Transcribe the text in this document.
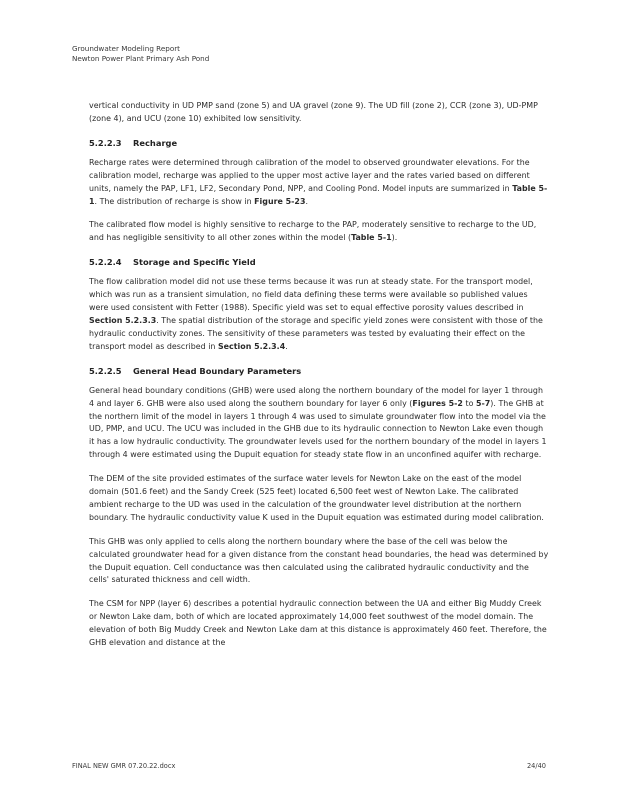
Groundwater Modeling Report
Newton Power Plant Primary Ash Pond

vertical conductivity in UD PMP sand (zone 5) and UA gravel (zone 9). The UD fill (zone 2), CCR (zone 3), UD-PMP (zone 4), and UCU (zone 10) exhibited low sensitivity.

5.2.2.3 Recharge

Recharge rates were determined through calibration of the model to observed groundwater elevations. For the calibration model, recharge was applied to the upper most active layer and the rates varied based on different units, namely the PAP, LF1, LF2, Secondary Pond, NPP, and Cooling Pond. Model inputs are summarized in Table 5-1. The distribution of recharge is show in Figure 5-23.

The calibrated flow model is highly sensitive to recharge to the PAP, moderately sensitive to recharge to the UD, and has negligible sensitivity to all other zones within the model (Table 5-1).

5.2.2.4 Storage and Specific Yield

The flow calibration model did not use these terms because it was run at steady state. For the transport model, which was run as a transient simulation, no field data defining these terms were available so published values were used consistent with Fetter (1988). Specific yield was set to equal effective porosity values described in Section 5.2.3.3. The spatial distribution of the storage and specific yield zones were consistent with those of the hydraulic conductivity zones. The sensitivity of these parameters was tested by evaluating their effect on the transport model as described in Section 5.2.3.4.

5.2.2.5 General Head Boundary Parameters

General head boundary conditions (GHB) were used along the northern boundary of the model for layer 1 through 4 and layer 6. GHB were also used along the southern boundary for layer 6 only (Figures 5-2 to 5-7). The GHB at the northern limit of the model in layers 1 through 4 was used to simulate groundwater flow into the model via the UD, PMP, and UCU. The UCU was included in the GHB due to its hydraulic connection to Newton Lake even though it has a low hydraulic conductivity. The groundwater levels used for the northern boundary of the model in layers 1 through 4 were estimated using the Dupuit equation for steady state flow in an unconfined aquifer with recharge.

The DEM of the site provided estimates of the surface water levels for Newton Lake on the east of the model domain (501.6 feet) and the Sandy Creek (525 feet) located 6,500 feet west of Newton Lake. The calibrated ambient recharge to the UD was used in the calculation of the groundwater level distribution at the northern boundary. The hydraulic conductivity value K used in the Dupuit equation was estimated during model calibration.

This GHB was only applied to cells along the northern boundary where the base of the cell was below the calculated groundwater head for a given distance from the constant head boundaries, the head was determined by the Dupuit equation. Cell conductance was then calculated using the calibrated hydraulic conductivity and the cells' saturated thickness and cell width.

The CSM for NPP (layer 6) describes a potential hydraulic connection between the UA and either Big Muddy Creek or Newton Lake dam, both of which are located approximately 14,000 feet southwest of the model domain. The elevation of both Big Muddy Creek and Newton Lake dam at this distance is approximately 460 feet. Therefore, the GHB elevation and distance at the

FINAL NEW GMR 07.20.22.docx	24/40
